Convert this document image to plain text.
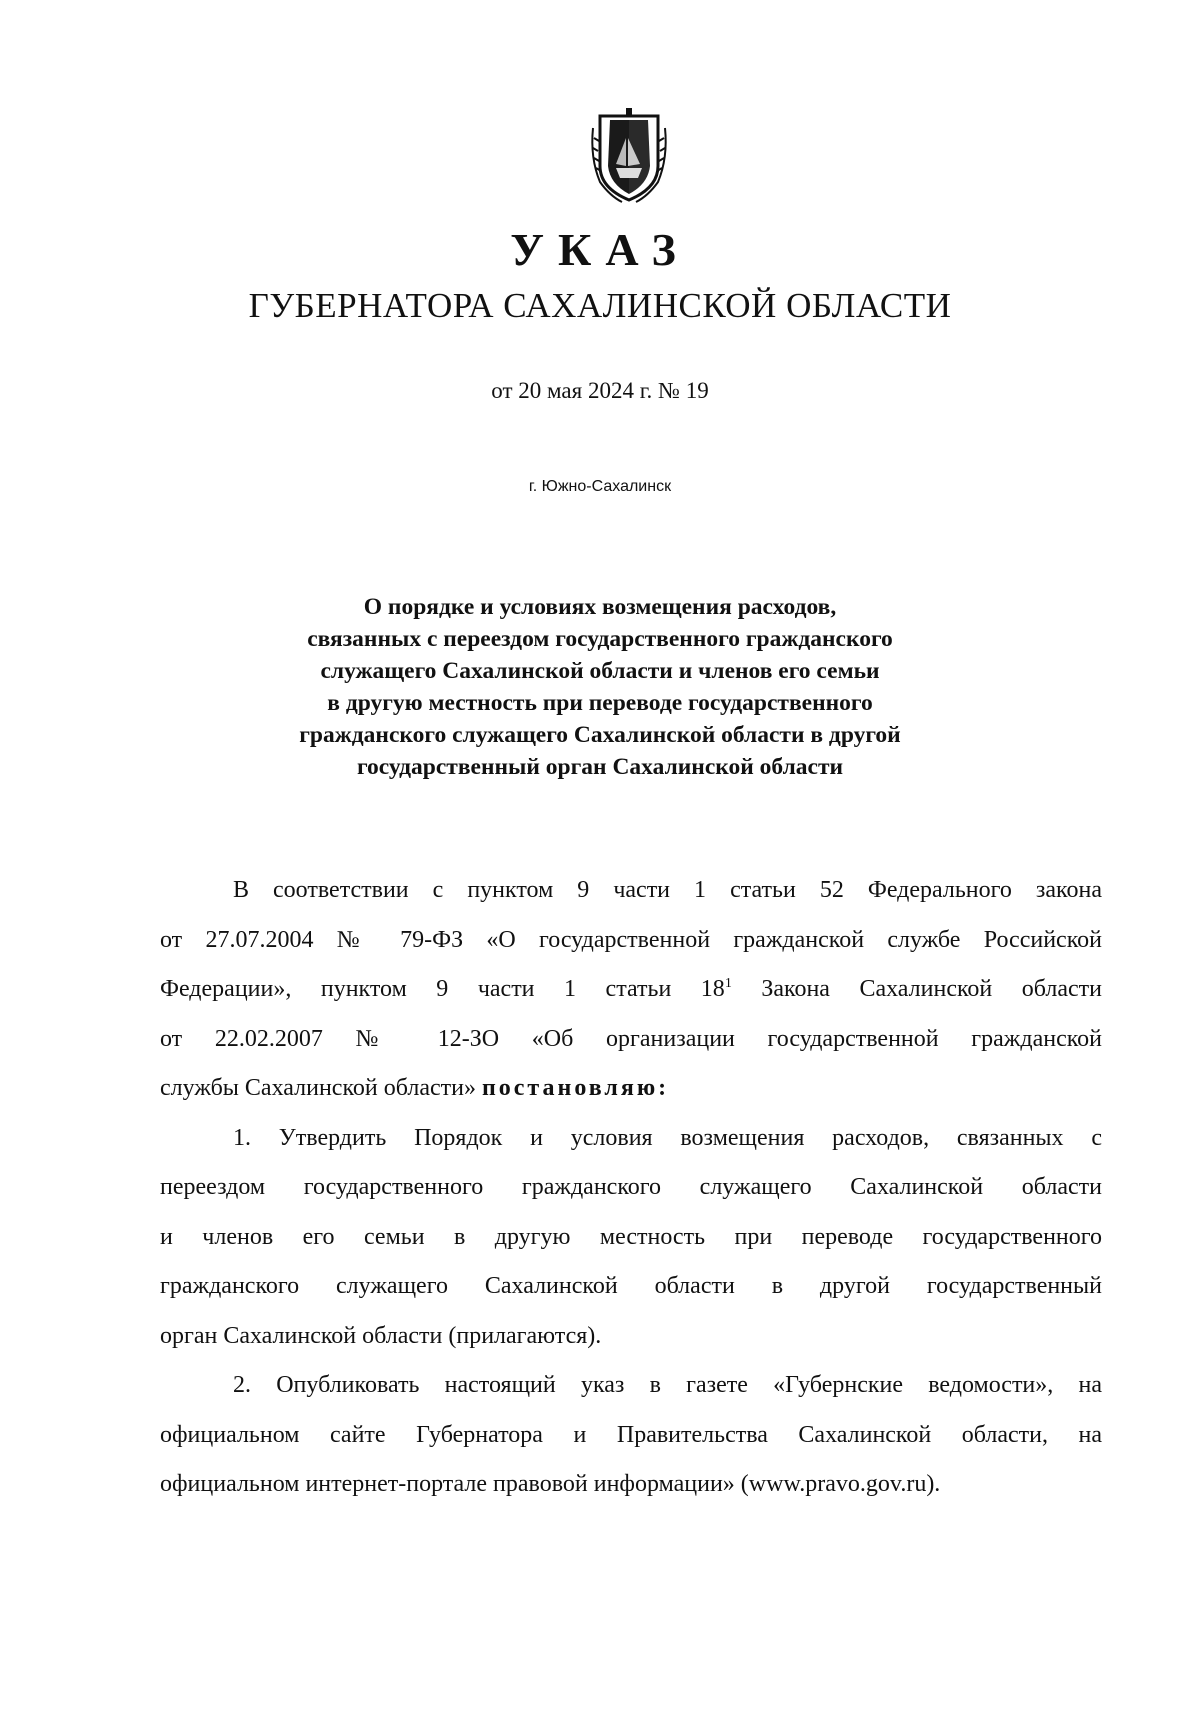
УКАЗ
ГУБЕРНАТОРА САХАЛИНСКОЙ ОБЛАСТИ
от 20 мая 2024 г. № 19
г. Южно-Сахалинск
О порядке и условиях возмещения расходов,
связанных с переездом государственного гражданского
служащего Сахалинской области и членов его семьи
в другую местность при переводе государственного
гражданского служащего Сахалинской области в другой
государственный орган Сахалинской области
В соответствии с пунктом 9 части 1 статьи 52 Федерального закона
от 27.07.2004 № 79-ФЗ «О государственной гражданской службе Российской
Федерации», пунктом 9 части 1 статьи $18^1$ Закона Сахалинской области
от 22.02.2007 № 12-ЗО «Об организации государственной гражданской
службы Сахалинской области» постановляю:
1. Утвердить Порядок и условия возмещения расходов, связанных с
переездом государственного гражданского служащего Сахалинской области
и членов его семьи в другую местность при переводе государственного
гражданского служащего Сахалинской области в другой государственный
орган Сахалинской области (прилагаются).
2. Опубликовать настоящий указ в газете «Губернские ведомости», на
официальном сайте Губернатора и Правительства Сахалинской области, на
официальном интернет-портале правовой информации» (www.pravo.gov.ru).
